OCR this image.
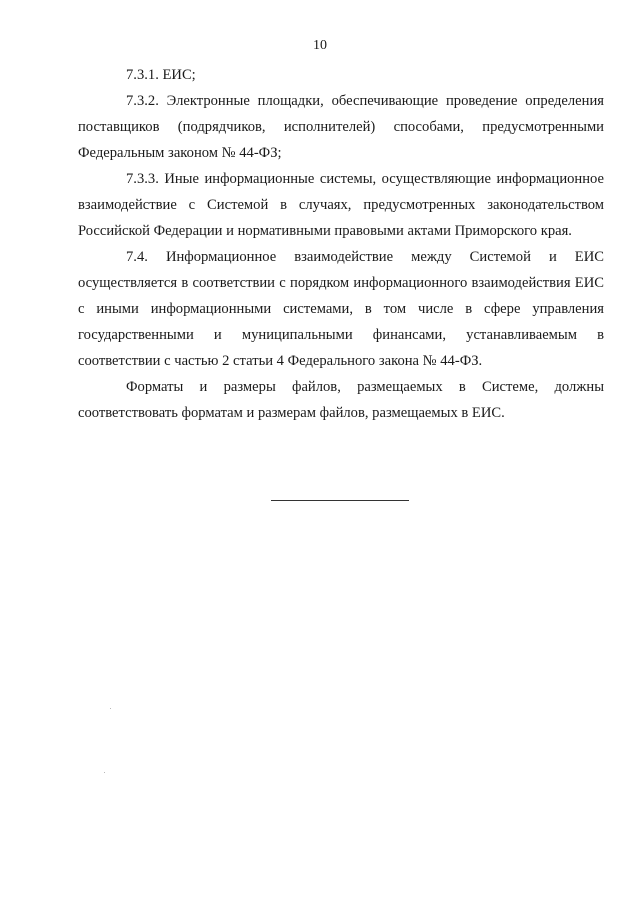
10

7.3.1. ЕИС;

7.3.2. Электронные площадки, обеспечивающие проведение определения поставщиков (подрядчиков, исполнителей) способами, предусмотренными Федеральным законом № 44-ФЗ;

7.3.3. Иные информационные системы, осуществляющие информационное взаимодействие с Системой в случаях, предусмотренных законодательством Российской Федерации и нормативными правовыми актами Приморского края.

7.4. Информационное взаимодействие между Системой и ЕИС осуществляется в соответствии с порядком информационного взаимодействия ЕИС с иными информационными системами, в том числе в сфере управления государственными и муниципальными финансами, устанавливаемым в соответствии с частью 2 статьи 4 Федерального закона № 44-ФЗ.

Форматы и размеры файлов, размещаемых в Системе, должны соответствовать форматам и размерам файлов, размещаемых в ЕИС.
